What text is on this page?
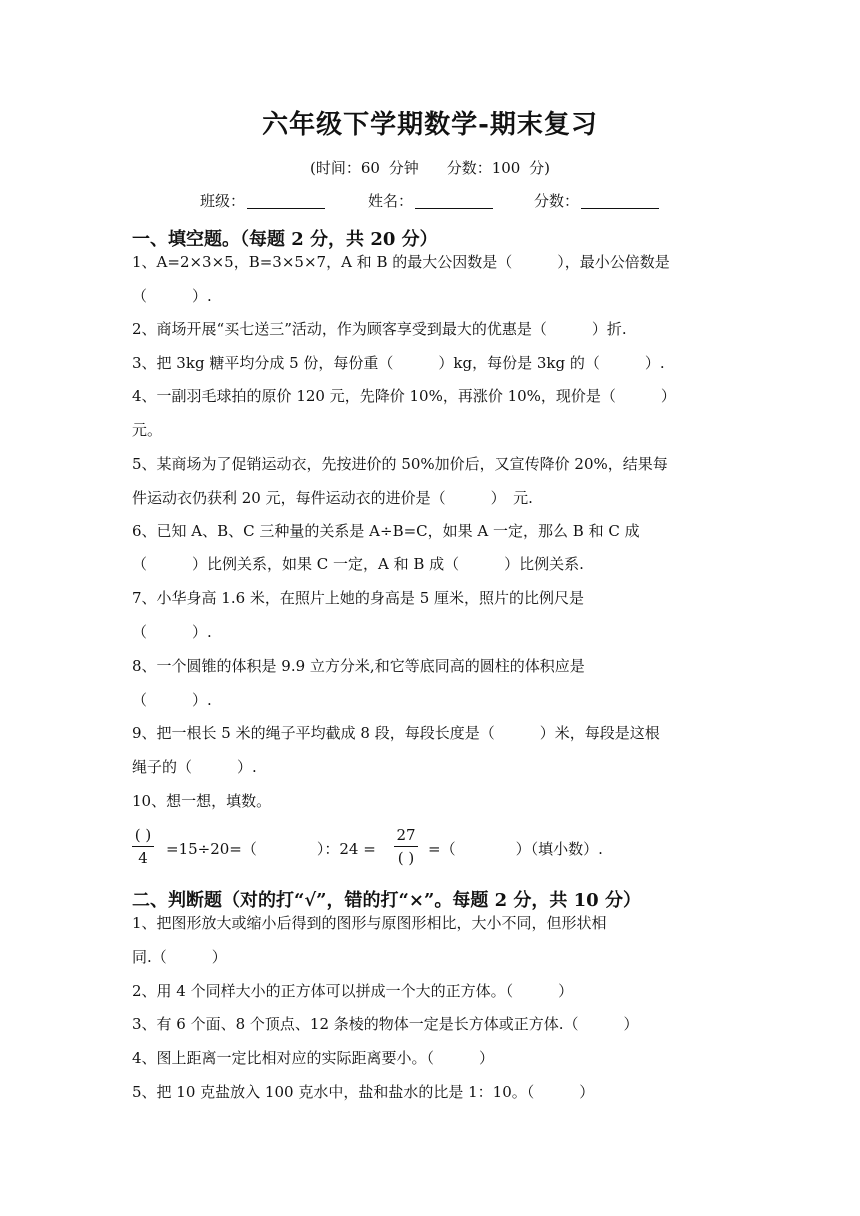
六年级下学期数学-期末复习
(时间：60 分钟 分数：100 分)
班级：	姓名：	分数：
一、填空题。（每题 2 分，共 20 分）
1、A=2×3×5，B=3×5×7，A 和 B 的最大公因数是（　　　），最小公倍数是
（　　　）.
2、商场开展“买七送三”活动，作为顾客享受到最大的优惠是（　　　）折.
3、把 3kg 糖平均分成 5 份，每份重（　　　）kg，每份是 3kg 的（　　　）.
4、一副羽毛球拍的原价 120 元，先降价 10%，再涨价 10%，现价是（　　　）
元。
5、某商场为了促销运动衣，先按进价的 50%加价后，又宣传降价 20%，结果每
件运动衣仍获利 20 元，每件运动衣的进价是（　　　）　元.
6、已知 A、B、C 三种量的关系是 A÷B=C，如果 A 一定，那么 B 和 C 成
（　　　）比例关系，如果 C 一定，A 和 B 成（　　　）比例关系.
7、小华身高 1.6 米，在照片上她的身高是 5 厘米，照片的比例尺是
（　　　）.
8、一个圆锥的体积是 9.9 立方分米,和它等底同高的圆柱的体积应是
（　　　）.
9、把一根长 5 米的绳子平均截成 8 段，每段长度是（　　　）米，每段是这根
绳子的（　　　）.
10、想一想，填数。
( )
4	=15÷20=（　　　　）：24 =
27
( ) =（　　　　）（填小数）.
二、判断题（对的打“√”，错的打“×”。每题 2 分，共 10 分）
1、把图形放大或缩小后得到的图形与原图形相比，大小不同，但形状相
同.（　　　）
2、用 4 个同样大小的正方体可以拼成一个大的正方体。（　　　）
3、有 6 个面、8 个顶点、12 条棱的物体一定是长方体或正方体.（　　　）
4、图上距离一定比相对应的实际距离要小。（　　　）
5、把 10 克盐放入 100 克水中，盐和盐水的比是 1：10。（　　　）
